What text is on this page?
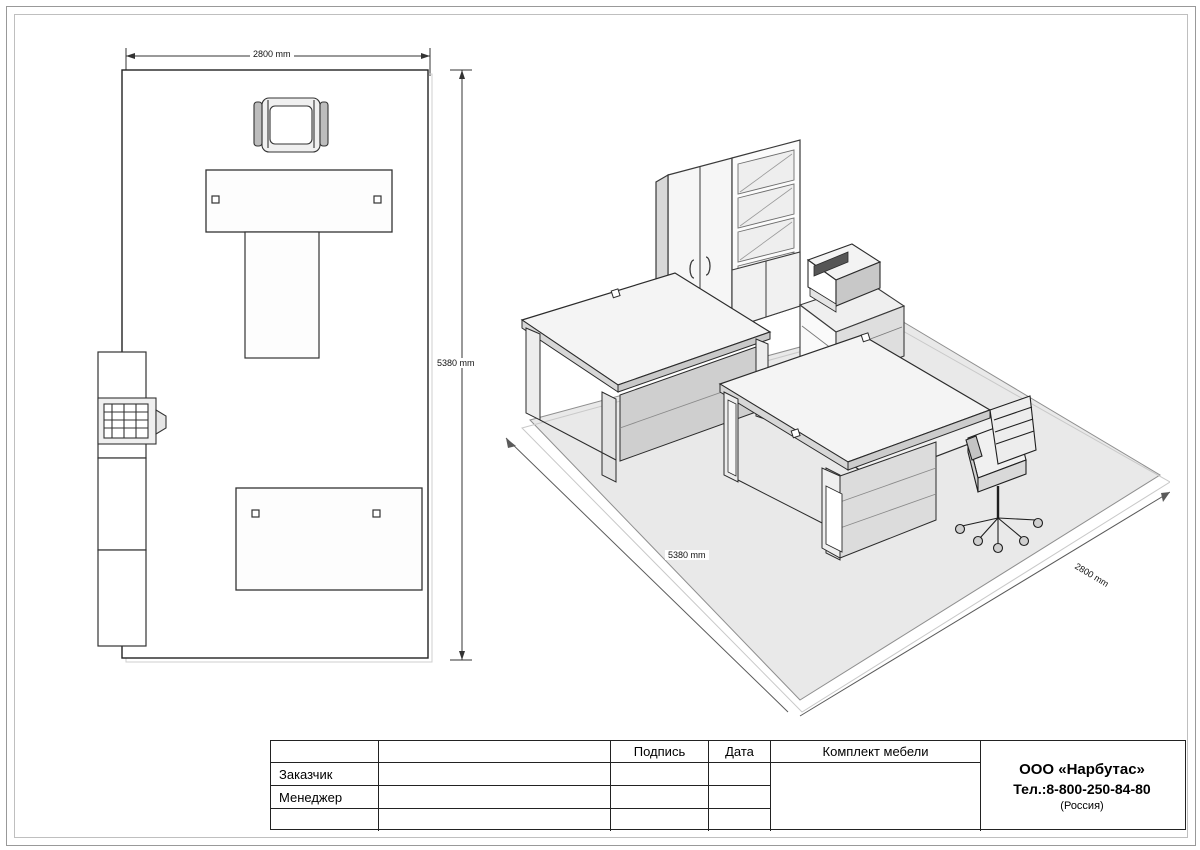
2800 mm
5380 mm
5380 mm
2800 mm
Подпись	Дата	Комплект мебели
Заказчик
Менеджер
ООО «Нарбутас»
Тел.:8-800-250-84-80
(Россия)
